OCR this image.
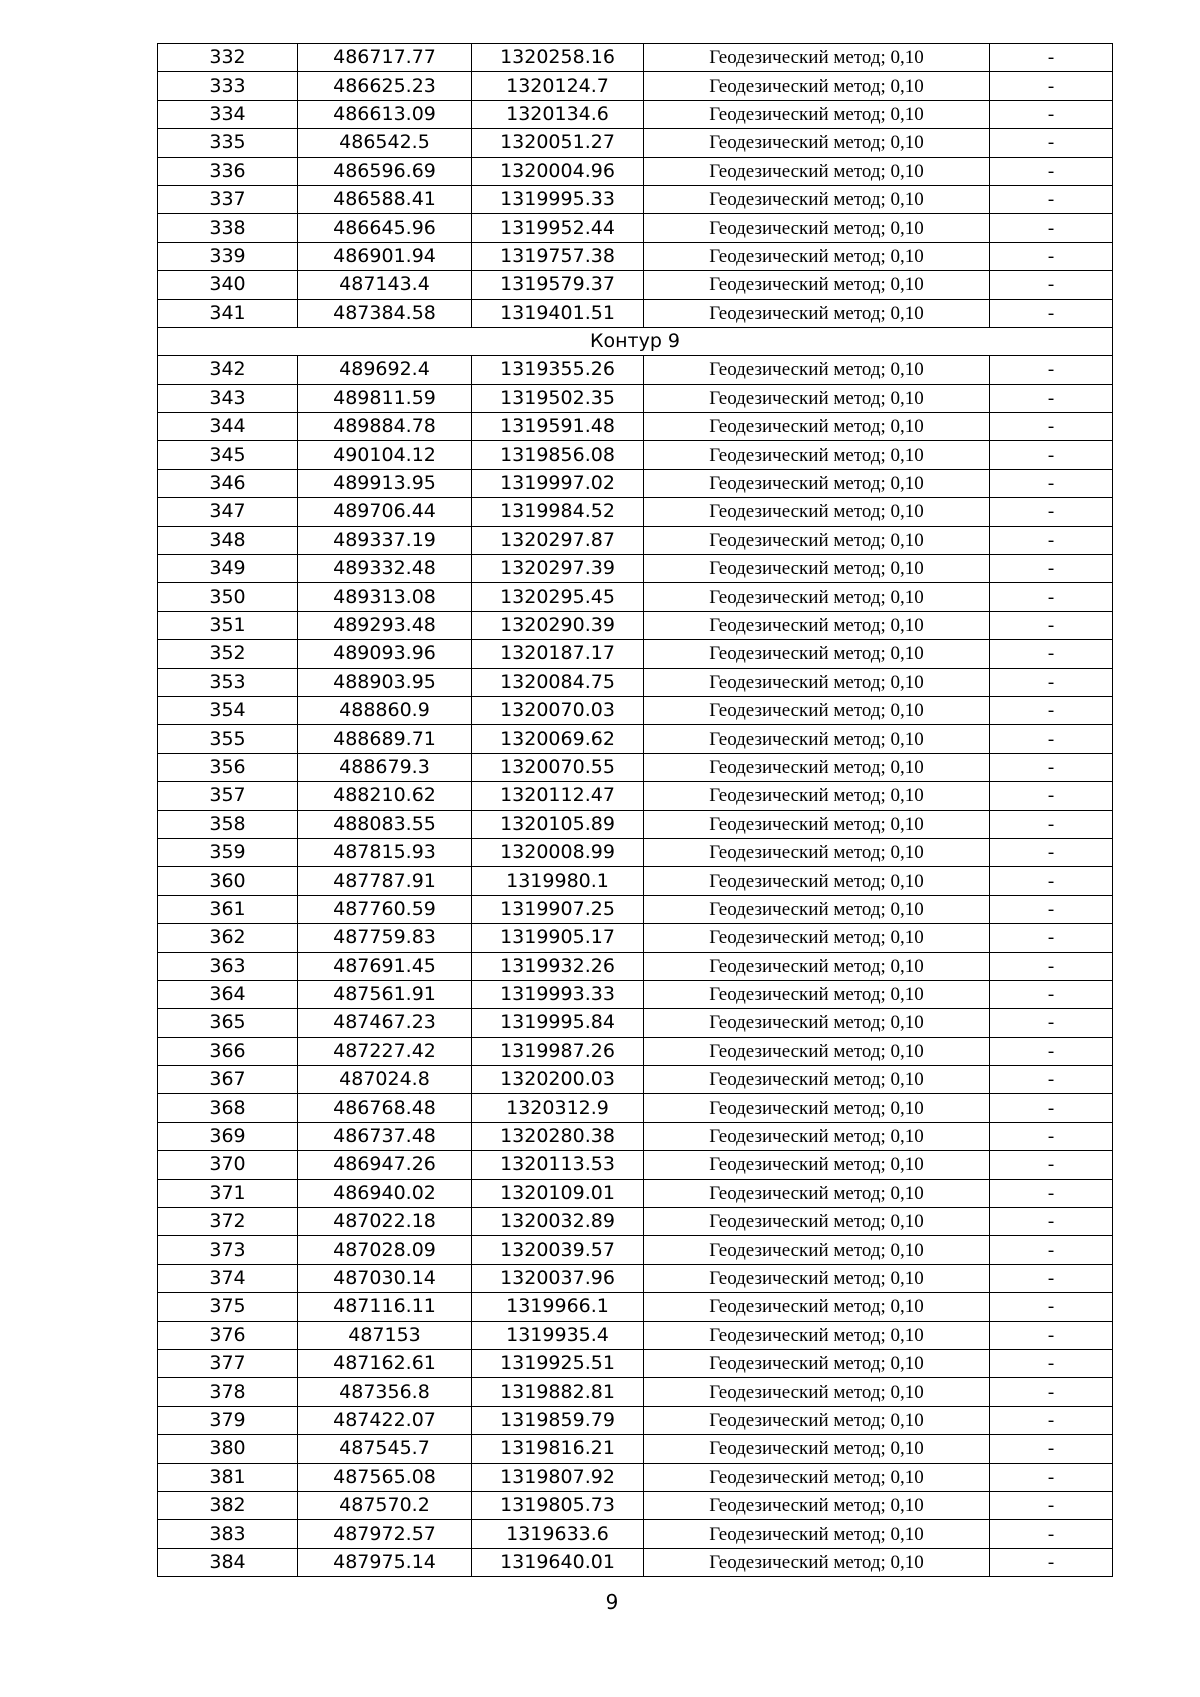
332	486717.77	1320258.16	Геодезический метод; 0,10	-
333	486625.23	1320124.7	Геодезический метод; 0,10	-
334	486613.09	1320134.6	Геодезический метод; 0,10	-
335	486542.5	1320051.27	Геодезический метод; 0,10	-
336	486596.69	1320004.96	Геодезический метод; 0,10	-
337	486588.41	1319995.33	Геодезический метод; 0,10	-
338	486645.96	1319952.44	Геодезический метод; 0,10	-
339	486901.94	1319757.38	Геодезический метод; 0,10	-
340	487143.4	1319579.37	Геодезический метод; 0,10	-
341	487384.58	1319401.51	Геодезический метод; 0,10	-
Контур 9				
342	489692.4	1319355.26	Геодезический метод; 0,10	-
343	489811.59	1319502.35	Геодезический метод; 0,10	-
344	489884.78	1319591.48	Геодезический метод; 0,10	-
345	490104.12	1319856.08	Геодезический метод; 0,10	-
346	489913.95	1319997.02	Геодезический метод; 0,10	-
347	489706.44	1319984.52	Геодезический метод; 0,10	-
348	489337.19	1320297.87	Геодезический метод; 0,10	-
349	489332.48	1320297.39	Геодезический метод; 0,10	-
350	489313.08	1320295.45	Геодезический метод; 0,10	-
351	489293.48	1320290.39	Геодезический метод; 0,10	-
352	489093.96	1320187.17	Геодезический метод; 0,10	-
353	488903.95	1320084.75	Геодезический метод; 0,10	-
354	488860.9	1320070.03	Геодезический метод; 0,10	-
355	488689.71	1320069.62	Геодезический метод; 0,10	-
356	488679.3	1320070.55	Геодезический метод; 0,10	-
357	488210.62	1320112.47	Геодезический метод; 0,10	-
358	488083.55	1320105.89	Геодезический метод; 0,10	-
359	487815.93	1320008.99	Геодезический метод; 0,10	-
360	487787.91	1319980.1	Геодезический метод; 0,10	-
361	487760.59	1319907.25	Геодезический метод; 0,10	-
362	487759.83	1319905.17	Геодезический метод; 0,10	-
363	487691.45	1319932.26	Геодезический метод; 0,10	-
364	487561.91	1319993.33	Геодезический метод; 0,10	-
365	487467.23	1319995.84	Геодезический метод; 0,10	-
366	487227.42	1319987.26	Геодезический метод; 0,10	-
367	487024.8	1320200.03	Геодезический метод; 0,10	-
368	486768.48	1320312.9	Геодезический метод; 0,10	-
369	486737.48	1320280.38	Геодезический метод; 0,10	-
370	486947.26	1320113.53	Геодезический метод; 0,10	-
371	486940.02	1320109.01	Геодезический метод; 0,10	-
372	487022.18	1320032.89	Геодезический метод; 0,10	-
373	487028.09	1320039.57	Геодезический метод; 0,10	-
374	487030.14	1320037.96	Геодезический метод; 0,10	-
375	487116.11	1319966.1	Геодезический метод; 0,10	-
376	487153	1319935.4	Геодезический метод; 0,10	-
377	487162.61	1319925.51	Геодезический метод; 0,10	-
378	487356.8	1319882.81	Геодезический метод; 0,10	-
379	487422.07	1319859.79	Геодезический метод; 0,10	-
380	487545.7	1319816.21	Геодезический метод; 0,10	-
381	487565.08	1319807.92	Геодезический метод; 0,10	-
382	487570.2	1319805.73	Геодезический метод; 0,10	-
383	487972.57	1319633.6	Геодезический метод; 0,10	-
384	487975.14	1319640.01	Геодезический метод; 0,10	-
9
